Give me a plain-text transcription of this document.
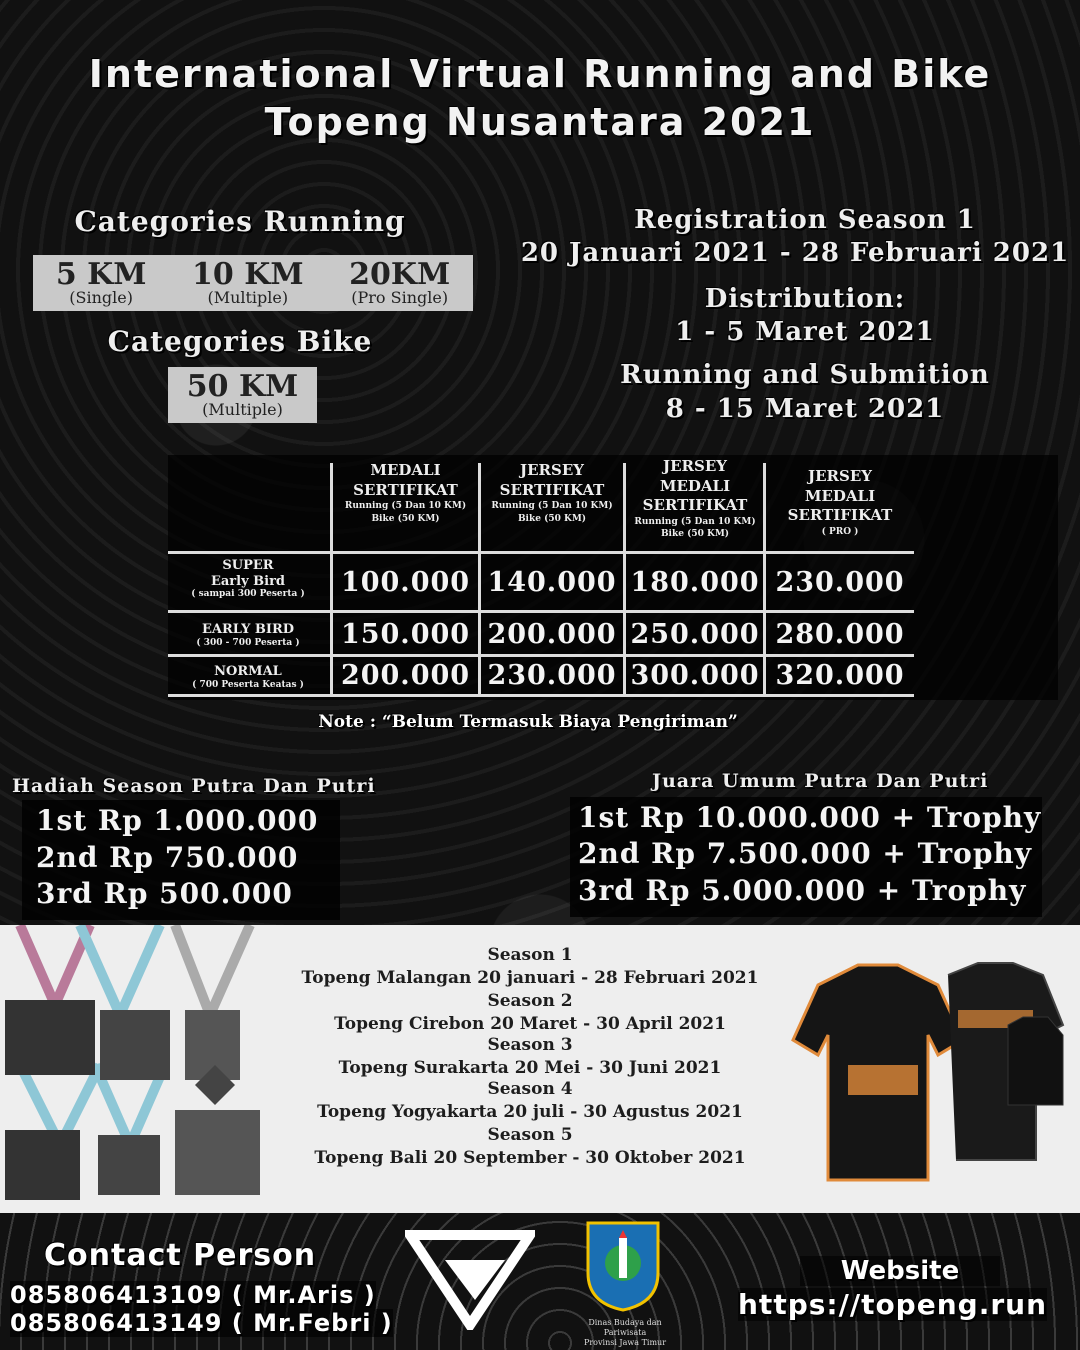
International Virtual Running and Bike
Topeng Nusantara 2021
Categories Running
5 KM
(Single)
10 KM
(Multiple)
20KM
(Pro Single)
Categories Bike
50 KM
(Multiple)
Registration Season 1
20 Januari 2021 - 28 Februari 2021
Distribution:
1 - 5 Maret 2021
Running and Submition
8 - 15 Maret 2021
MEDALI
SERTIFIKAT
Running (5 Dan 10 KM)
Bike (50 KM)
JERSEY
SERTIFIKAT
Running (5 Dan 10 KM)
Bike (50 KM)
JERSEY
MEDALI
SERTIFIKAT
Running (5 Dan 10 KM)
Bike (50 KM)
JERSEY
MEDALI
SERTIFIKAT
( PRO )
SUPER
Early Bird
( sampai 300 Peserta )
EARLY BIRD
( 300 - 700 Peserta )
NORMAL
( 700 Peserta Keatas )
100.000 140.000 180.000 230.000
150.000 200.000 250.000 280.000
200.000 230.000 300.000 320.000
Note : “Belum Termasuk Biaya Pengiriman”
Hadiah Season Putra Dan Putri
1st Rp 1.000.000
2nd Rp 750.000
3rd Rp 500.000
Juara Umum Putra Dan Putri
1st Rp 10.000.000 + Trophy
2nd Rp 7.500.000 + Trophy
3rd Rp 5.000.000 + Trophy
Season 1
Topeng Malangan 20 januari - 28 Februari 2021
Season 2
Topeng Cirebon 20 Maret - 30 April 2021
Season 3
Topeng Surakarta 20 Mei - 30 Juni 2021
Season 4
Topeng Yogyakarta 20 juli - 30 Agustus 2021
Season 5
Topeng Bali 20 September - 30 Oktober 2021
Contact Person
085806413109 ( Mr.Aris )
085806413149 ( Mr.Febri )	Dinas Budaya dan Pariwisata
Provinsi Jawa Timur
Website
https://topeng.run
